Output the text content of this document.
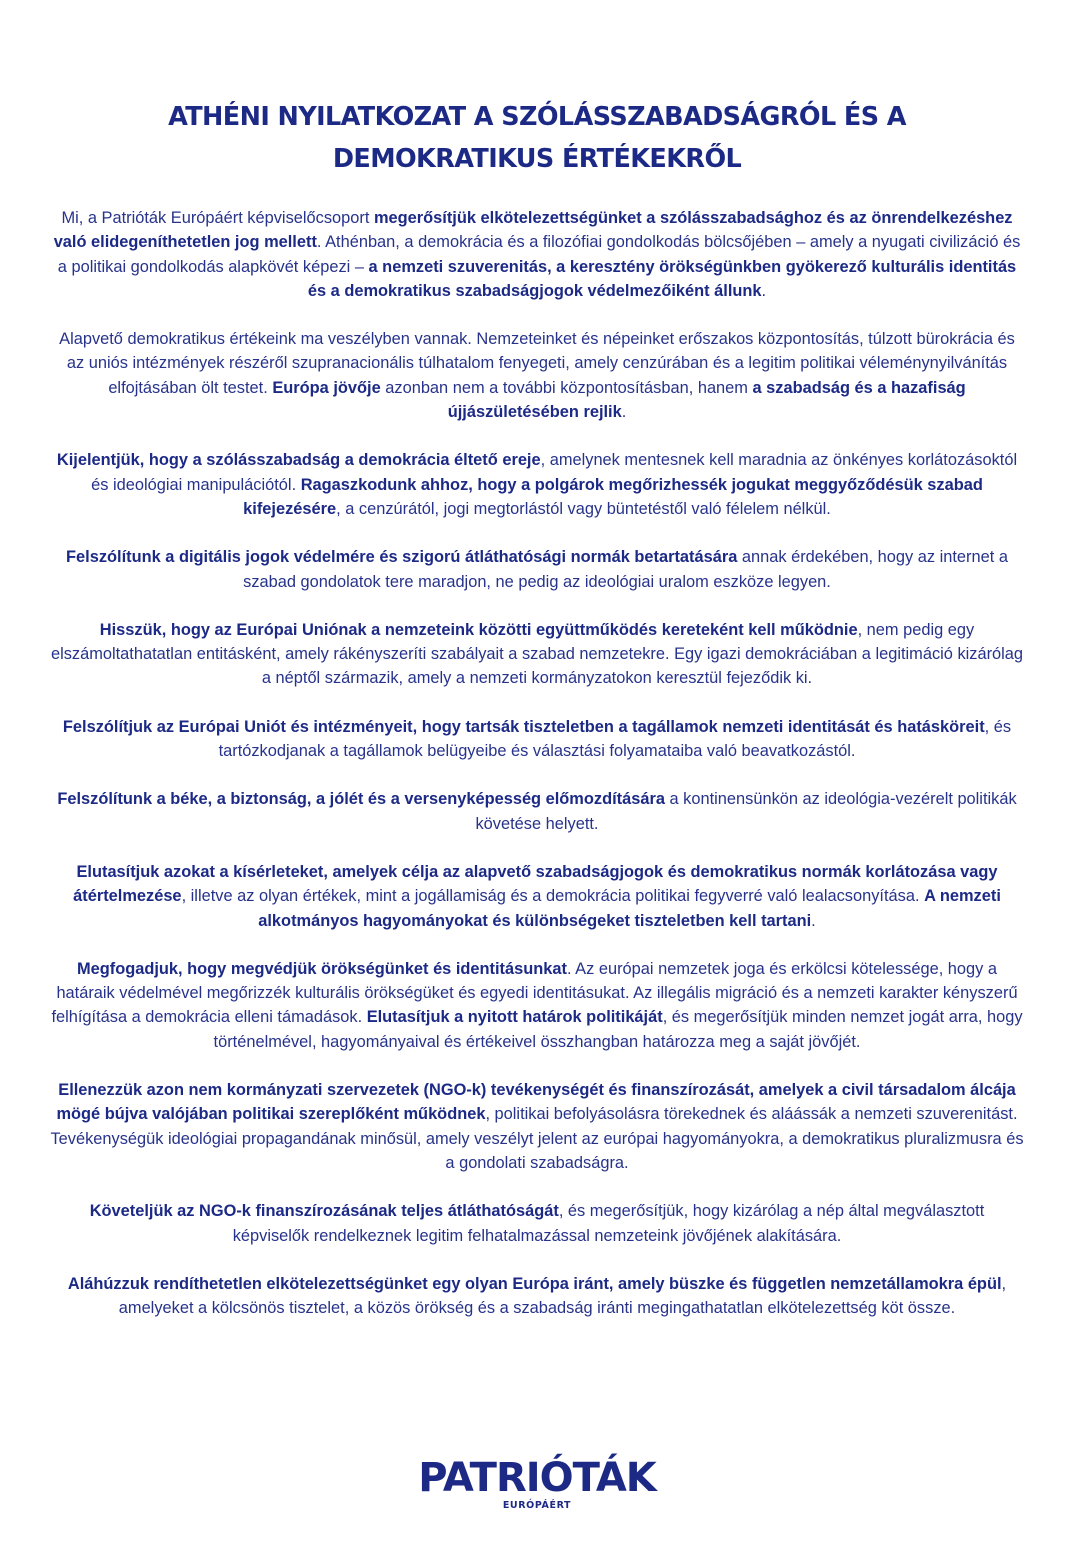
ATHÉNI NYILATKOZAT A SZÓLÁSSZABADSÁGRÓL ÉS A
DEMOKRATIKUS ÉRTÉKEKRŐL

Mi, a Patrióták Európáért képviselőcsoport megerősítjük elkötelezettségünket a szólásszabadsághoz és az önrendelkezéshez való elidegeníthetetlen jog mellett. Athénban, a demokrácia és a filozófiai gondolkodás bölcsőjében – amely a nyugati civilizáció és a politikai gondolkodás alapkövét képezi – a nemzeti szuverenitás, a keresztény örökségünkben gyökerező kulturális identitás és a demokratikus szabadságjogok védelmezőiként állunk.

Alapvető demokratikus értékeink ma veszélyben vannak. Nemzeteinket és népeinket erőszakos központosítás, túlzott bürokrácia és az uniós intézmények részéről szupranacionális túlhatalom fenyegeti, amely cenzúrában és a legitim politikai véleménynyilvánítás elfojtásában ölt testet. Európa jövője azonban nem a további központosításban, hanem a szabadság és a hazafiság újjászületésében rejlik.

Kijelentjük, hogy a szólásszabadság a demokrácia éltető ereje, amelynek mentesnek kell maradnia az önkényes korlátozásoktól és ideológiai manipulációtól. Ragaszkodunk ahhoz, hogy a polgárok megőrizhessék jogukat meggyőződésük szabad kifejezésére, a cenzúrától, jogi megtorlástól vagy büntetéstől való félelem nélkül.

Felszólítunk a digitális jogok védelmére és szigorú átláthatósági normák betartatására annak érdekében, hogy az internet a szabad gondolatok tere maradjon, ne pedig az ideológiai uralom eszköze legyen.

Hisszük, hogy az Európai Uniónak a nemzeteink közötti együttműködés kereteként kell működnie, nem pedig egy elszámoltathatatlan entitásként, amely rákényszeríti szabályait a szabad nemzetekre. Egy igazi demokráciában a legitimáció kizárólag a néptől származik, amely a nemzeti kormányzatokon keresztül fejeződik ki.

Felszólítjuk az Európai Uniót és intézményeit, hogy tartsák tiszteletben a tagállamok nemzeti identitását és hatásköreit, és tartózkodjanak a tagállamok belügyeibe és választási folyamataiba való beavatkozástól.

Felszólítunk a béke, a biztonság, a jólét és a versenyképesség előmozdítására a kontinensünkön az ideológia-vezérelt politikák követése helyett.

Elutasítjuk azokat a kísérleteket, amelyek célja az alapvető szabadságjogok és demokratikus normák korlátozása vagy átértelmezése, illetve az olyan értékek, mint a jogállamiság és a demokrácia politikai fegyverré való lealacsonyítása. A nemzeti alkotmányos hagyományokat és különbségeket tiszteletben kell tartani.

Megfogadjuk, hogy megvédjük örökségünket és identitásunkat. Az európai nemzetek joga és erkölcsi kötelessége, hogy a határaik védelmével megőrizzék kulturális örökségüket és egyedi identitásukat. Az illegális migráció és a nemzeti karakter kényszerű felhígítása a demokrácia elleni támadások. Elutasítjuk a nyitott határok politikáját, és megerősítjük minden nemzet jogát arra, hogy történelmével, hagyományaival és értékeivel összhangban határozza meg a saját jövőjét.

Ellenezzük azon nem kormányzati szervezetek (NGO-k) tevékenységét és finanszírozását, amelyek a civil társadalom álcája mögé bújva valójában politikai szereplőként működnek, politikai befolyásolásra törekednek és aláássák a nemzeti szuverenitást. Tevékenységük ideológiai propagandának minősül, amely veszélyt jelent az európai hagyományokra, a demokratikus pluralizmusra és a gondolati szabadságra.

Követeljük az NGO-k finanszírozásának teljes átláthatóságát, és megerősítjük, hogy kizárólag a nép által megválasztott képviselők rendelkeznek legitim felhatalmazással nemzeteink jövőjének alakítására.

Aláhúzzuk rendíthetetlen elkötelezettségünket egy olyan Európa iránt, amely büszke és független nemzetállamokra épül, amelyeket a kölcsönös tisztelet, a közös örökség és a szabadság iránti megingathatatlan elkötelezettség köt össze.

PATRIÓTÁK
EURÓPÁÉRT
